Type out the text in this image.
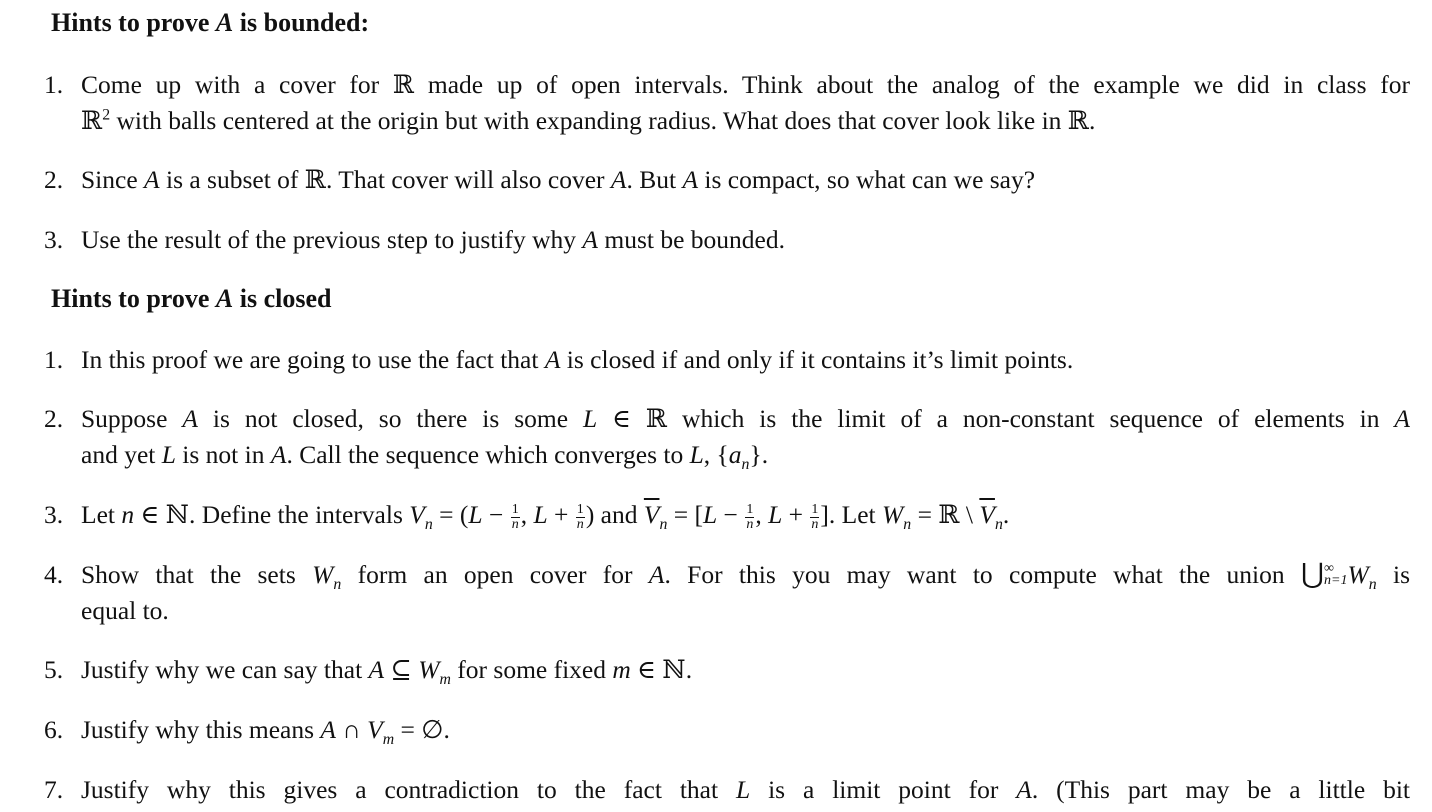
Hints to prove A is bounded:
1. Come up with a cover for ℝ made up of open intervals. Think about the analog of the example we did in class for
ℝ$^2$ with balls centered at the origin but with expanding radius. What does that cover look like in ℝ.
2. Since A is a subset of ℝ. That cover will also cover A. But A is compact, so what can we say?
3. Use the result of the previous step to justify why A must be bounded.
Hints to prove A is closed
1. In this proof we are going to use the fact that A is closed if and only if it contains it’s limit points.
2. Suppose A is not closed, so there is some L ∈ ℝ which is the limit of a non-constant sequence of elements in A
and yet L is not in A. Call the sequence which converges to L, $\{a_n\}$.
3. Let n ∈ ℕ. Define the intervals $V_n = (L - \frac{1}{n}$ , $L + \frac{1}{n}$ ) and $\overline{V}_n = [L - \frac{1}{n}$ , $L + \frac{1}{n}$ ]. Let $W_n$ = ℝ \ $\overline{V}_n$.
4. Show that the sets $W_n$ form an open cover for A. For this you may want to compute what the union ⋃ ∞
n=1 $W_n$ is
equal to.
5. Justify why we can say that A ⊆ $W_m$ for some fixed m ∈ ℕ.
6. Justify why this means A ∩ $V_m$ = ∅.
7. Justify why this gives a contradiction to the fact that L is a limit point for A. (This part may be a little bit
